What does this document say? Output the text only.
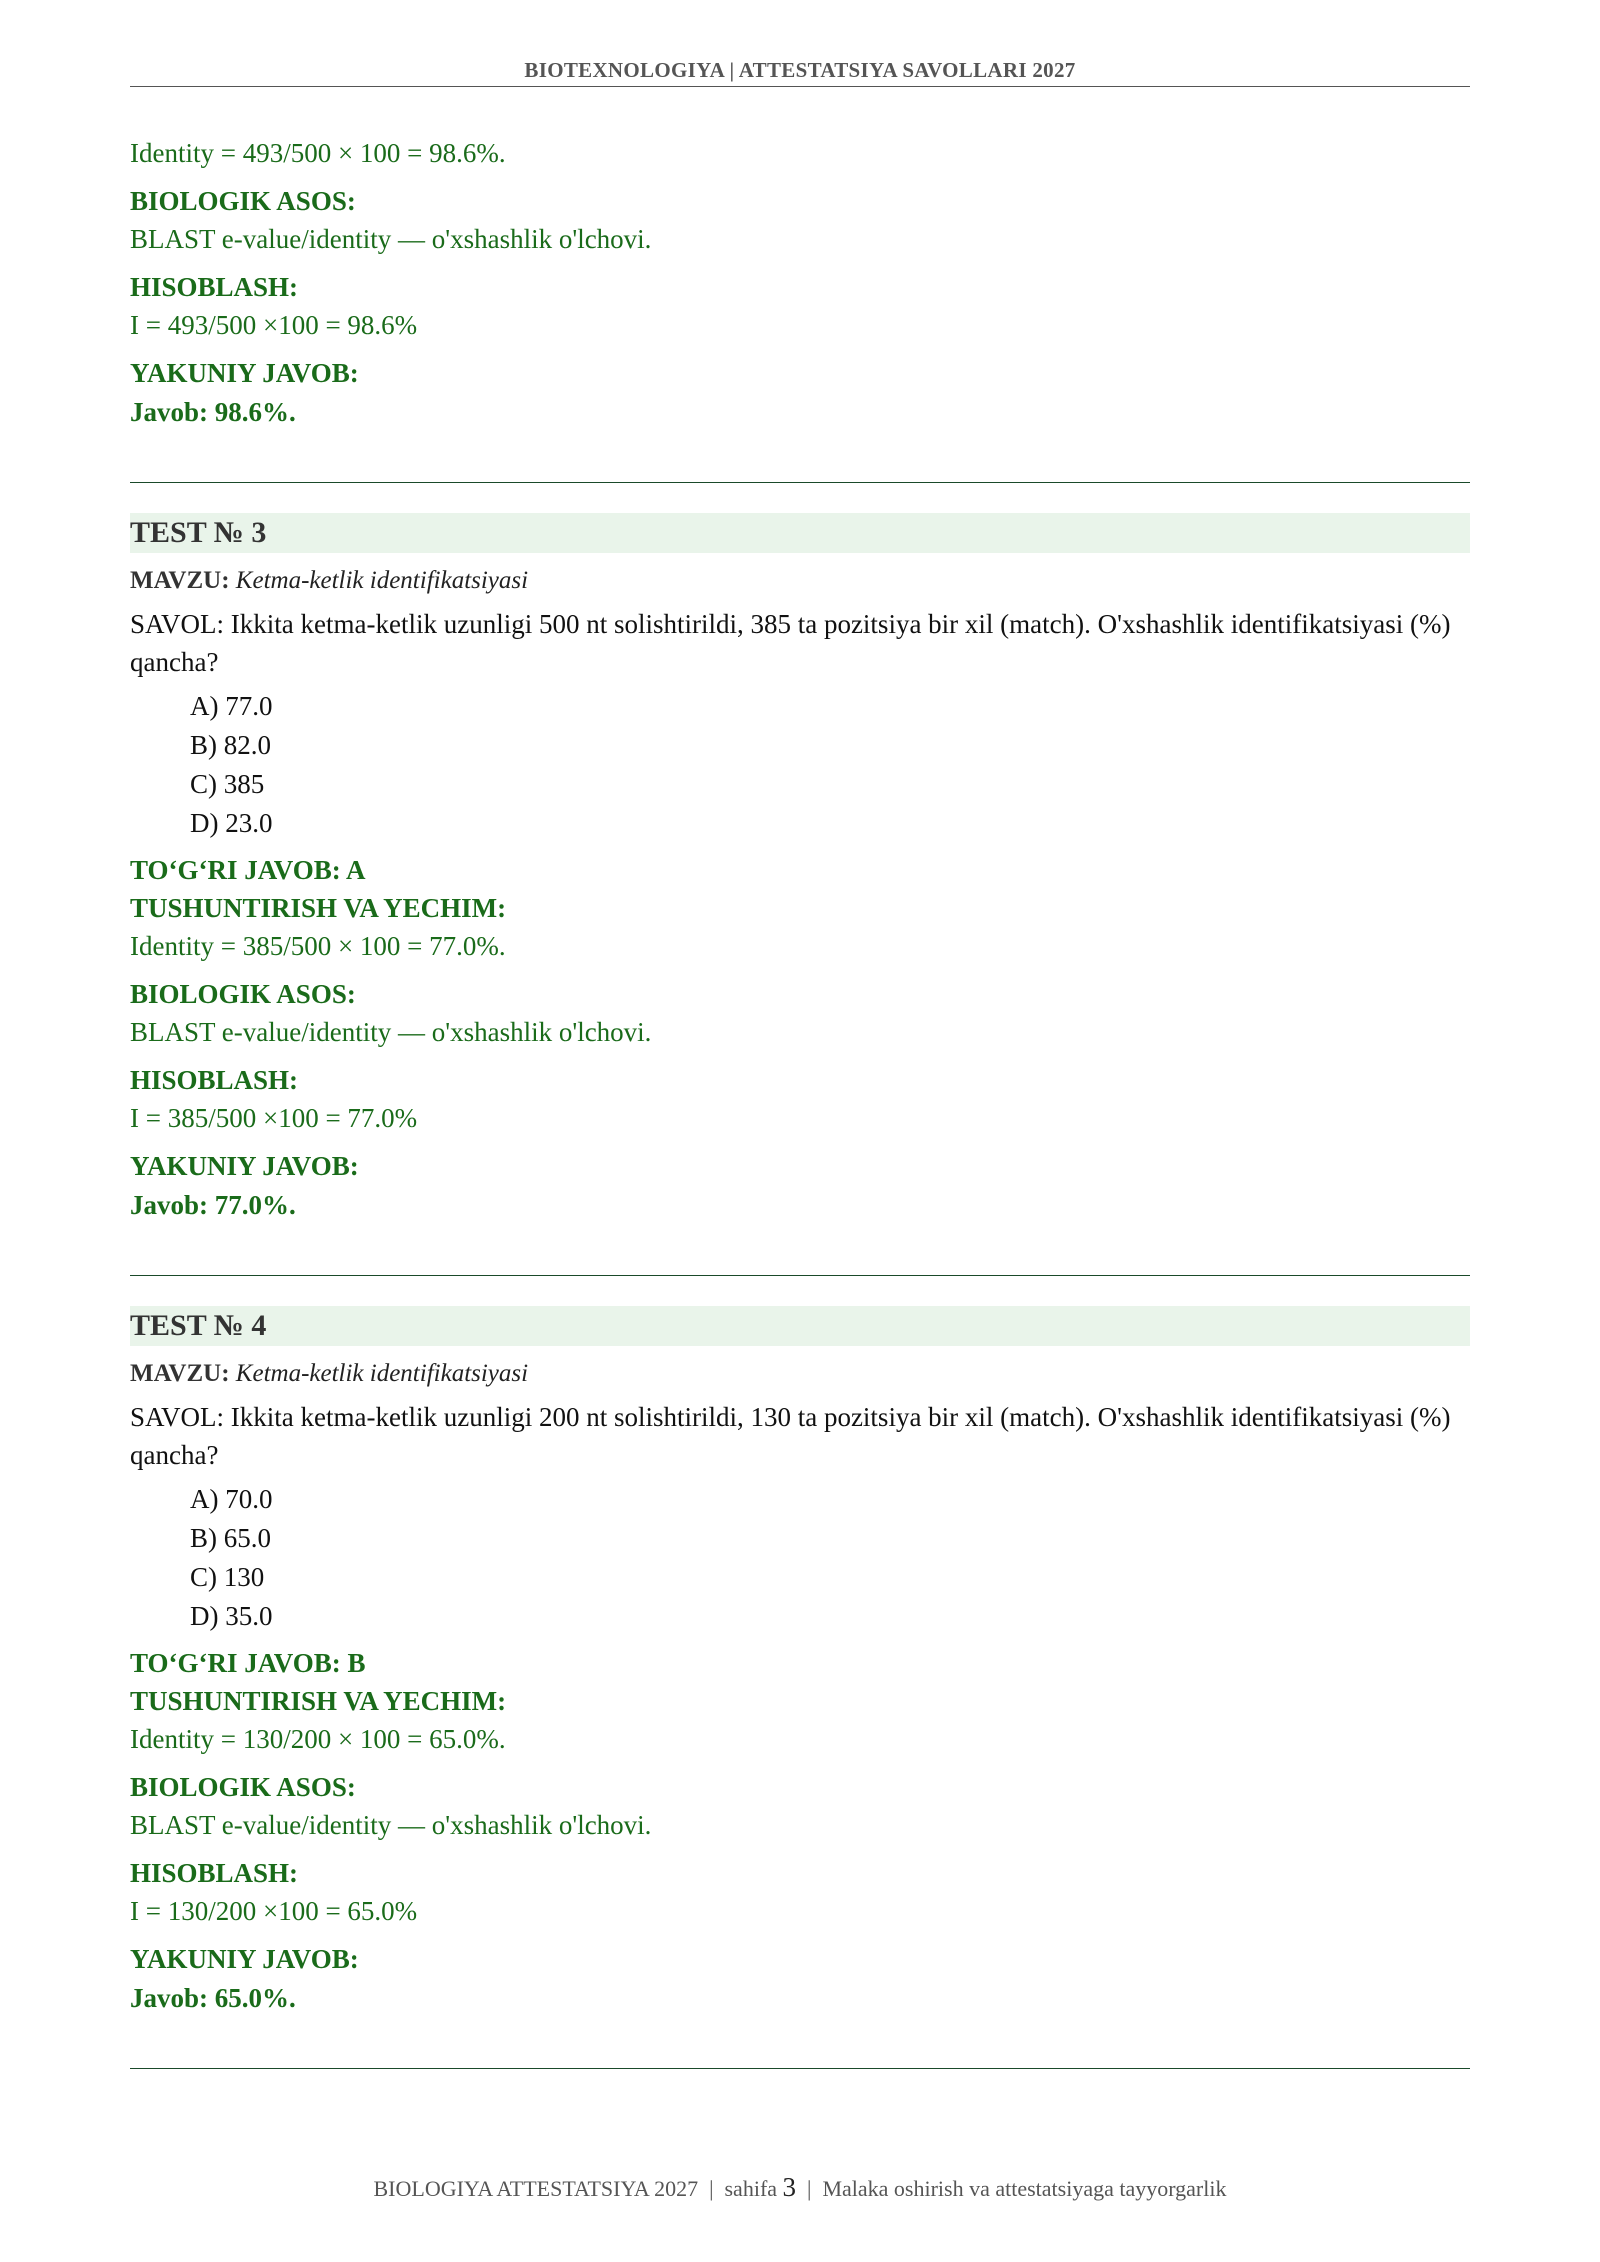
BIOTEXNOLOGIYA | ATTESTATSIYA SAVOLLARI 2027

Identity = 493/500 × 100 = 98.6%.

BIOLOGIK ASOS:

BLAST e-value/identity — o'xshashlik o'lchovi.

HISOBLASH:

I = 493/500 ×100 = 98.6%

YAKUNIY JAVOB:
Javob: 98.6%.
TEST № 3
MAVZU: Ketma-ketlik identifikatsiyasi
SAVOL: Ikkita ketma-ketlik uzunligi 500 nt solishtirildi, 385 ta pozitsiya bir xil (match). O'xshashlik identifikatsiyasi (%) qancha?
A) 77.0
B) 82.0
C) 385
D) 23.0
TO‘G‘RI JAVOB: A
TUSHUNTIRISH VA YECHIM:

Identity = 385/500 × 100 = 77.0%.

BIOLOGIK ASOS:

BLAST e-value/identity — o'xshashlik o'lchovi.

HISOBLASH:

I = 385/500 ×100 = 77.0%

YAKUNIY JAVOB:
Javob: 77.0%.
TEST № 4
MAVZU: Ketma-ketlik identifikatsiyasi
SAVOL: Ikkita ketma-ketlik uzunligi 200 nt solishtirildi, 130 ta pozitsiya bir xil (match). O'xshashlik identifikatsiyasi (%) qancha?
A) 70.0
B) 65.0
C) 130
D) 35.0
TO‘G‘RI JAVOB: B
TUSHUNTIRISH VA YECHIM:

Identity = 130/200 × 100 = 65.0%.

BIOLOGIK ASOS:

BLAST e-value/identity — o'xshashlik o'lchovi.

HISOBLASH:

I = 130/200 ×100 = 65.0%

YAKUNIY JAVOB:
Javob: 65.0%.
BIOLOGIYA ATTESTATSIYA 2027 | sahifa 3 | Malaka oshirish va attestatsiyaga tayyorgarlik
